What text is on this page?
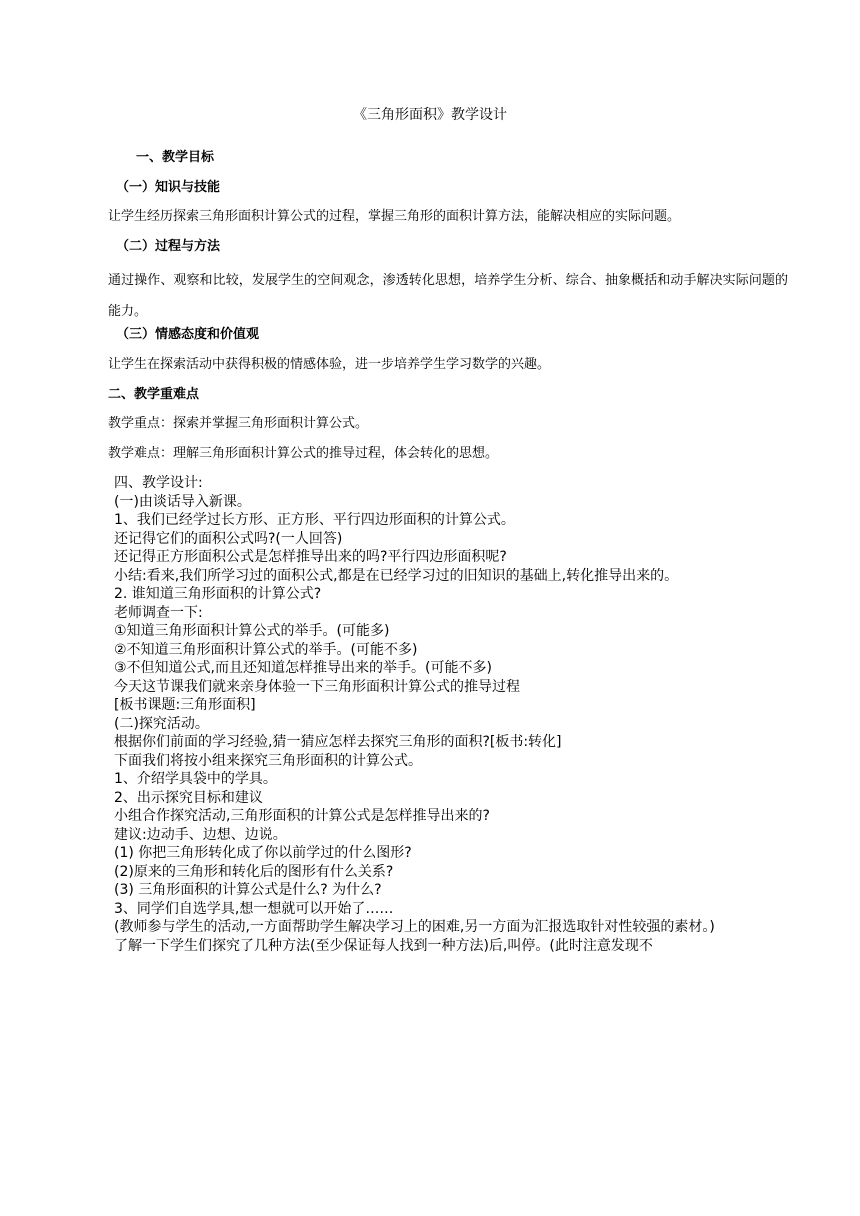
《三角形面积》教学设计
一、教学目标
（一）知识与技能
让学生经历探索三角形面积计算公式的过程，掌握三角形的面积计算方法，能解决相应的实际问题。
（二）过程与方法
通过操作、观察和比较，发展学生的空间观念，渗透转化思想，培养学生分析、综合、抽象概括和动手解决实际问题的能力。
（三）情感态度和价值观
让学生在探索活动中获得积极的情感体验，进一步培养学生学习数学的兴趣。
二、教学重难点
教学重点：探索并掌握三角形面积计算公式。
教学难点：理解三角形面积计算公式的推导过程，体会转化的思想。
四、教学设计:
(一)由谈话导入新课。
1、我们已经学过长方形、正方形、平行四边形面积的计算公式。
还记得它们的面积公式吗?(一人回答)
还记得正方形面积公式是怎样推导出来的吗?平行四边形面积呢?
小结:看来,我们所学习过的面积公式,都是在已经学习过的旧知识的基础上,转化推导出来的。
2. 谁知道三角形面积的计算公式?
老师调查一下:
①知道三角形面积计算公式的举手。(可能多)
②不知道三角形面积计算公式的举手。(可能不多)
③不但知道公式,而且还知道怎样推导出来的举手。(可能不多)
今天这节课我们就来亲身体验一下三角形面积计算公式的推导过程
[板书课题:三角形面积]
(二)探究活动。
根据你们前面的学习经验,猜一猜应怎样去探究三角形的面积?[板书:转化]
下面我们将按小组来探究三角形面积的计算公式。
1、介绍学具袋中的学具。
2、出示探究目标和建议
小组合作探究活动,三角形面积的计算公式是怎样推导出来的?
建议:边动手、边想、边说。
(1) 你把三角形转化成了你以前学过的什么图形?
(2)原来的三角形和转化后的图形有什么关系?
(3) 三角形面积的计算公式是什么? 为什么?
3、同学们自选学具,想一想就可以开始了……
(教师参与学生的活动,一方面帮助学生解决学习上的困难,另一方面为汇报选取针对性较强的素材。)
了解一下学生们探究了几种方法(至少保证每人找到一种方法)后,叫停。(此时注意发现不
